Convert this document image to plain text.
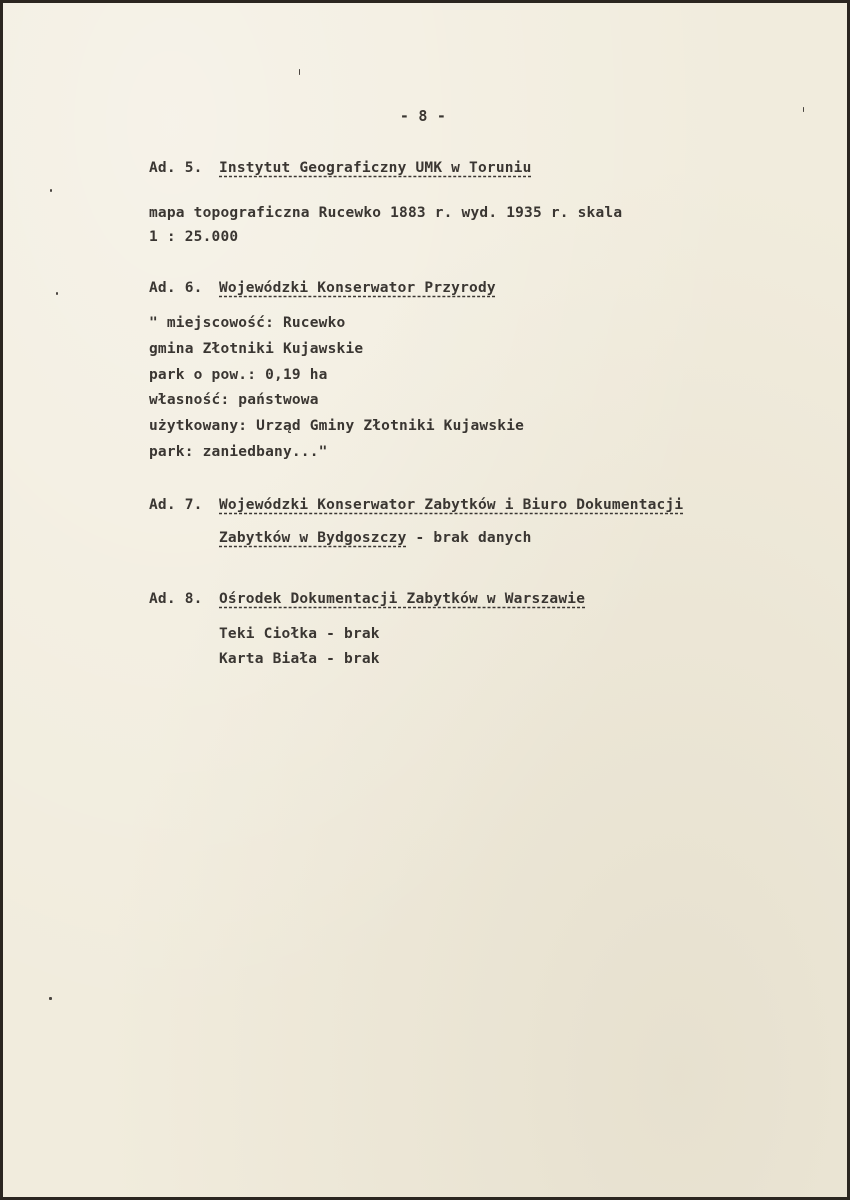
- 8 -
Ad. 5. Instytut Geograficzny UMK w Toruniu
mapa topograficzna Rucewko 1883 r. wyd. 1935 r. skala
1 : 25.000
Ad. 6. Wojewódzki Konserwator Przyrody
" miejscowość: Rucewko
gmina Złotniki Kujawskie
park o pow.: 0,19 ha
własność: państwowa
użytkowany: Urząd Gminy Złotniki Kujawskie
park: zaniedbany..."
Ad. 7. Wojewódzki Konserwator Zabytków i Biuro Dokumentacji
Zabytków w Bydgoszczy - brak danych
Ad. 8. Ośrodek Dokumentacji Zabytków w Warszawie
Teki Ciołka - brak
Karta Biała - brak
